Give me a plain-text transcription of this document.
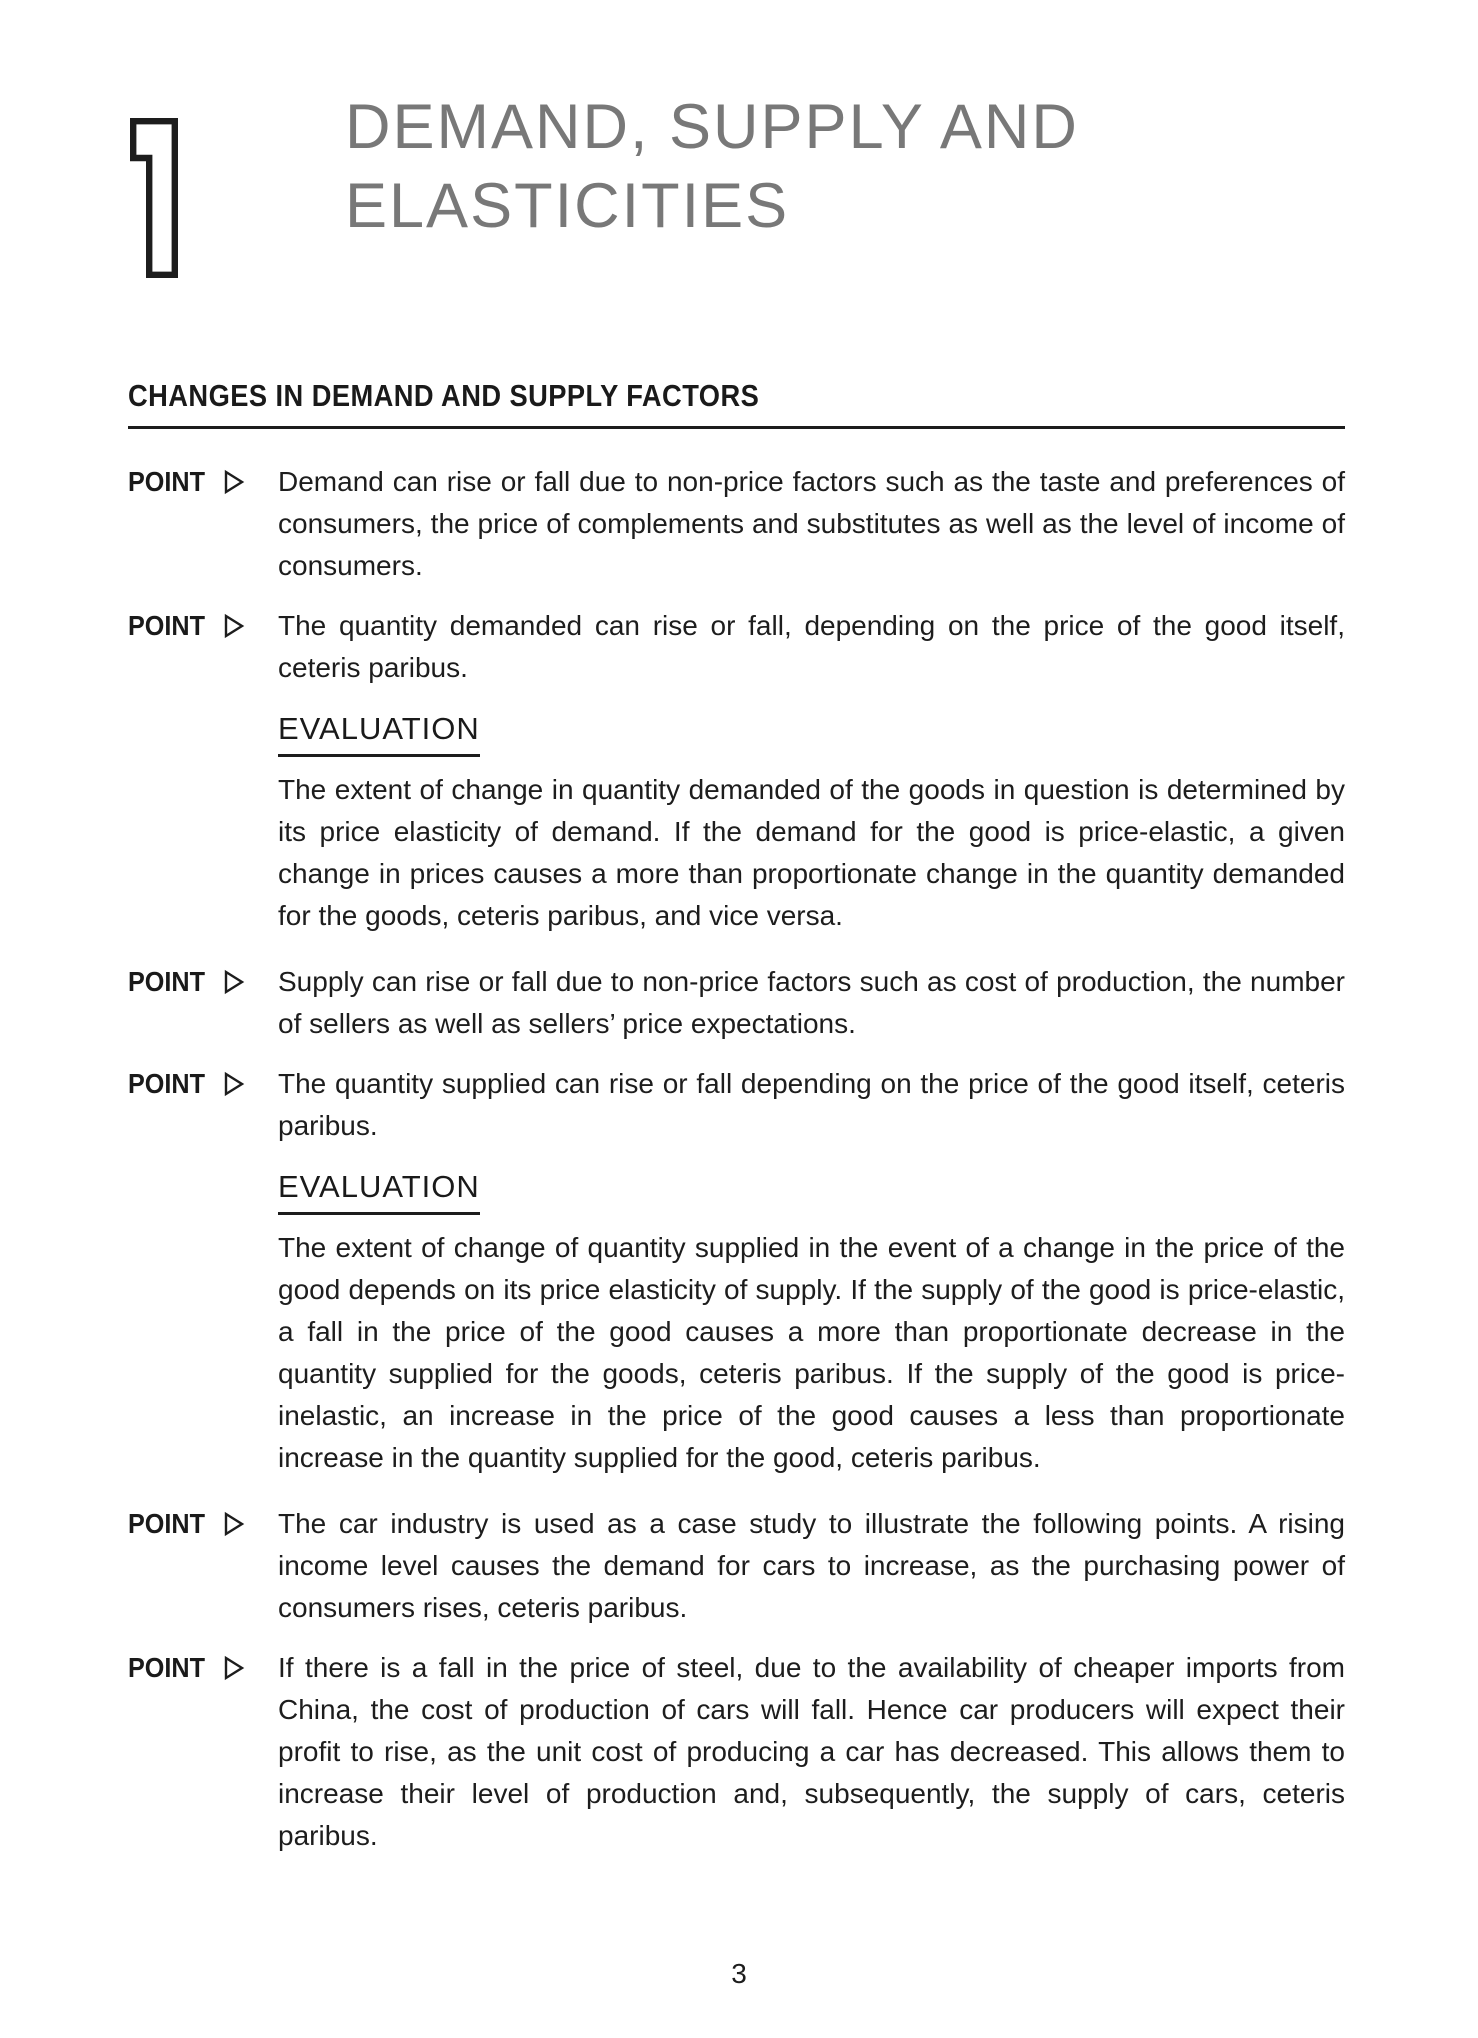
DEMAND, SUPPLY AND
ELASTICITIES
CHANGES IN DEMAND AND SUPPLY FACTORS
POINT	Demand can rise or fall due to non-price factors such as the taste and preferences of consumers, the price of complements and substitutes as well as the level of income of consumers.
POINT	The quantity demanded can rise or fall, depending on the price of the good itself, ceteris paribus.
EVALUATION
The extent of change in quantity demanded of the goods in question is determined by its price elasticity of demand. If the demand for the good is price-elastic, a given change in prices causes a more than proportionate change in the quantity demanded for the goods, ceteris paribus, and vice versa.
POINT	Supply can rise or fall due to non-price factors such as cost of production, the number of sellers as well as sellers’ price expectations.
POINT	The quantity supplied can rise or fall depending on the price of the good itself, ceteris paribus.
EVALUATION
The extent of change of quantity supplied in the event of a change in the price of the good depends on its price elasticity of supply. If the supply of the good is price-elastic, a fall in the price of the good causes a more than proportionate decrease in the quantity supplied for the goods, ceteris paribus. If the supply of the good is price-inelastic, an increase in the price of the good causes a less than proportionate increase in the quantity supplied for the good, ceteris paribus.
POINT	The car industry is used as a case study to illustrate the following points. A rising income level causes the demand for cars to increase, as the purchasing power of consumers rises, ceteris paribus.
POINT	If there is a fall in the price of steel, due to the availability of cheaper imports from China, the cost of production of cars will fall. Hence car producers will expect their profit to rise, as the unit cost of producing a car has decreased. This allows them to increase their level of production and, subsequently, the supply of cars, ceteris paribus.
3
